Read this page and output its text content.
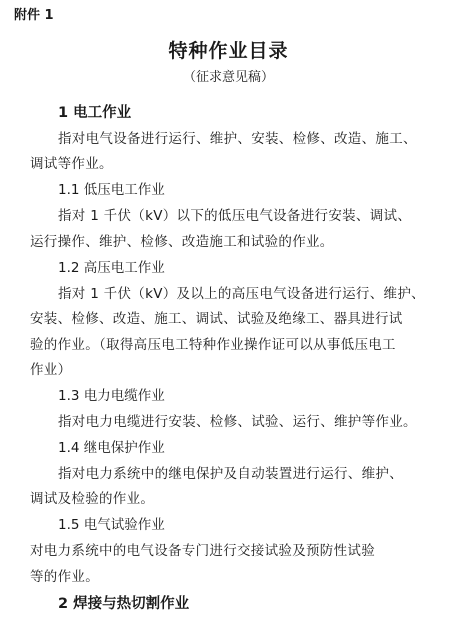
附件 1
特种作业目录
（征求意见稿）
1 电工作业
指对电气设备进行运行、维护、安装、检修、改造、施工、
调试等作业。
1.1 低压电工作业
指对 1 千伏（kV）以下的低压电气设备进行安装、调试、
运行操作、维护、检修、改造施工和试验的作业。
1.2 高压电工作业
指对 1 千伏（kV）及以上的高压电气设备进行运行、维护、
安装、检修、改造、施工、调试、试验及绝缘工、器具进行试
验的作业。（取得高压电工特种作业操作证可以从事低压电工
作业）
1.3 电力电缆作业
指对电力电缆进行安装、检修、试验、运行、维护等作业。
1.4 继电保护作业
指对电力系统中的继电保护及自动装置进行运行、维护、
调试及检验的作业。
1.5 电气试验作业
对电力系统中的电气设备专门进行交接试验及预防性试验
等的作业。
2 焊接与热切割作业
